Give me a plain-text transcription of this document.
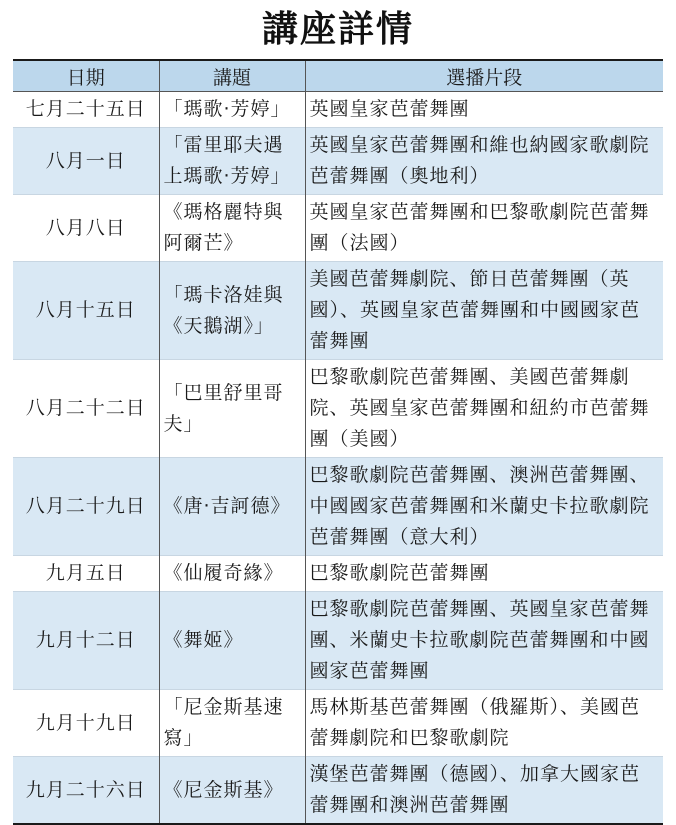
講座詳情
日期	講題	選播片段
七月二十五日	「瑪歌‧芳婷」	英國皇家芭蕾舞團
八月一日	「雷里耶夫遇上瑪歌‧芳婷」	英國皇家芭蕾舞團和維也納國家歌劇院芭蕾舞團（奧地利）
八月八日	《瑪格麗特與阿爾芒》	英國皇家芭蕾舞團和巴黎歌劇院芭蕾舞團（法國）
八月十五日	「瑪卡洛娃與《天鵝湖》」	美國芭蕾舞劇院、節日芭蕾舞團（英國）、英國皇家芭蕾舞團和中國國家芭蕾舞團
八月二十二日	「巴里舒里哥夫」	巴黎歌劇院芭蕾舞團、美國芭蕾舞劇院、英國皇家芭蕾舞團和紐約市芭蕾舞團（美國）
八月二十九日	《唐‧吉訶德》	巴黎歌劇院芭蕾舞團、澳洲芭蕾舞團、中國國家芭蕾舞團和米蘭史卡拉歌劇院芭蕾舞團（意大利）
九月五日	《仙履奇緣》	巴黎歌劇院芭蕾舞團
九月十二日	《舞姬》	巴黎歌劇院芭蕾舞團、英國皇家芭蕾舞團、米蘭史卡拉歌劇院芭蕾舞團和中國國家芭蕾舞團
九月十九日	「尼金斯基速寫」	馬林斯基芭蕾舞團（俄羅斯）、美國芭蕾舞劇院和巴黎歌劇院
九月二十六日	《尼金斯基》	漢堡芭蕾舞團（德國）、加拿大國家芭蕾舞團和澳洲芭蕾舞團
